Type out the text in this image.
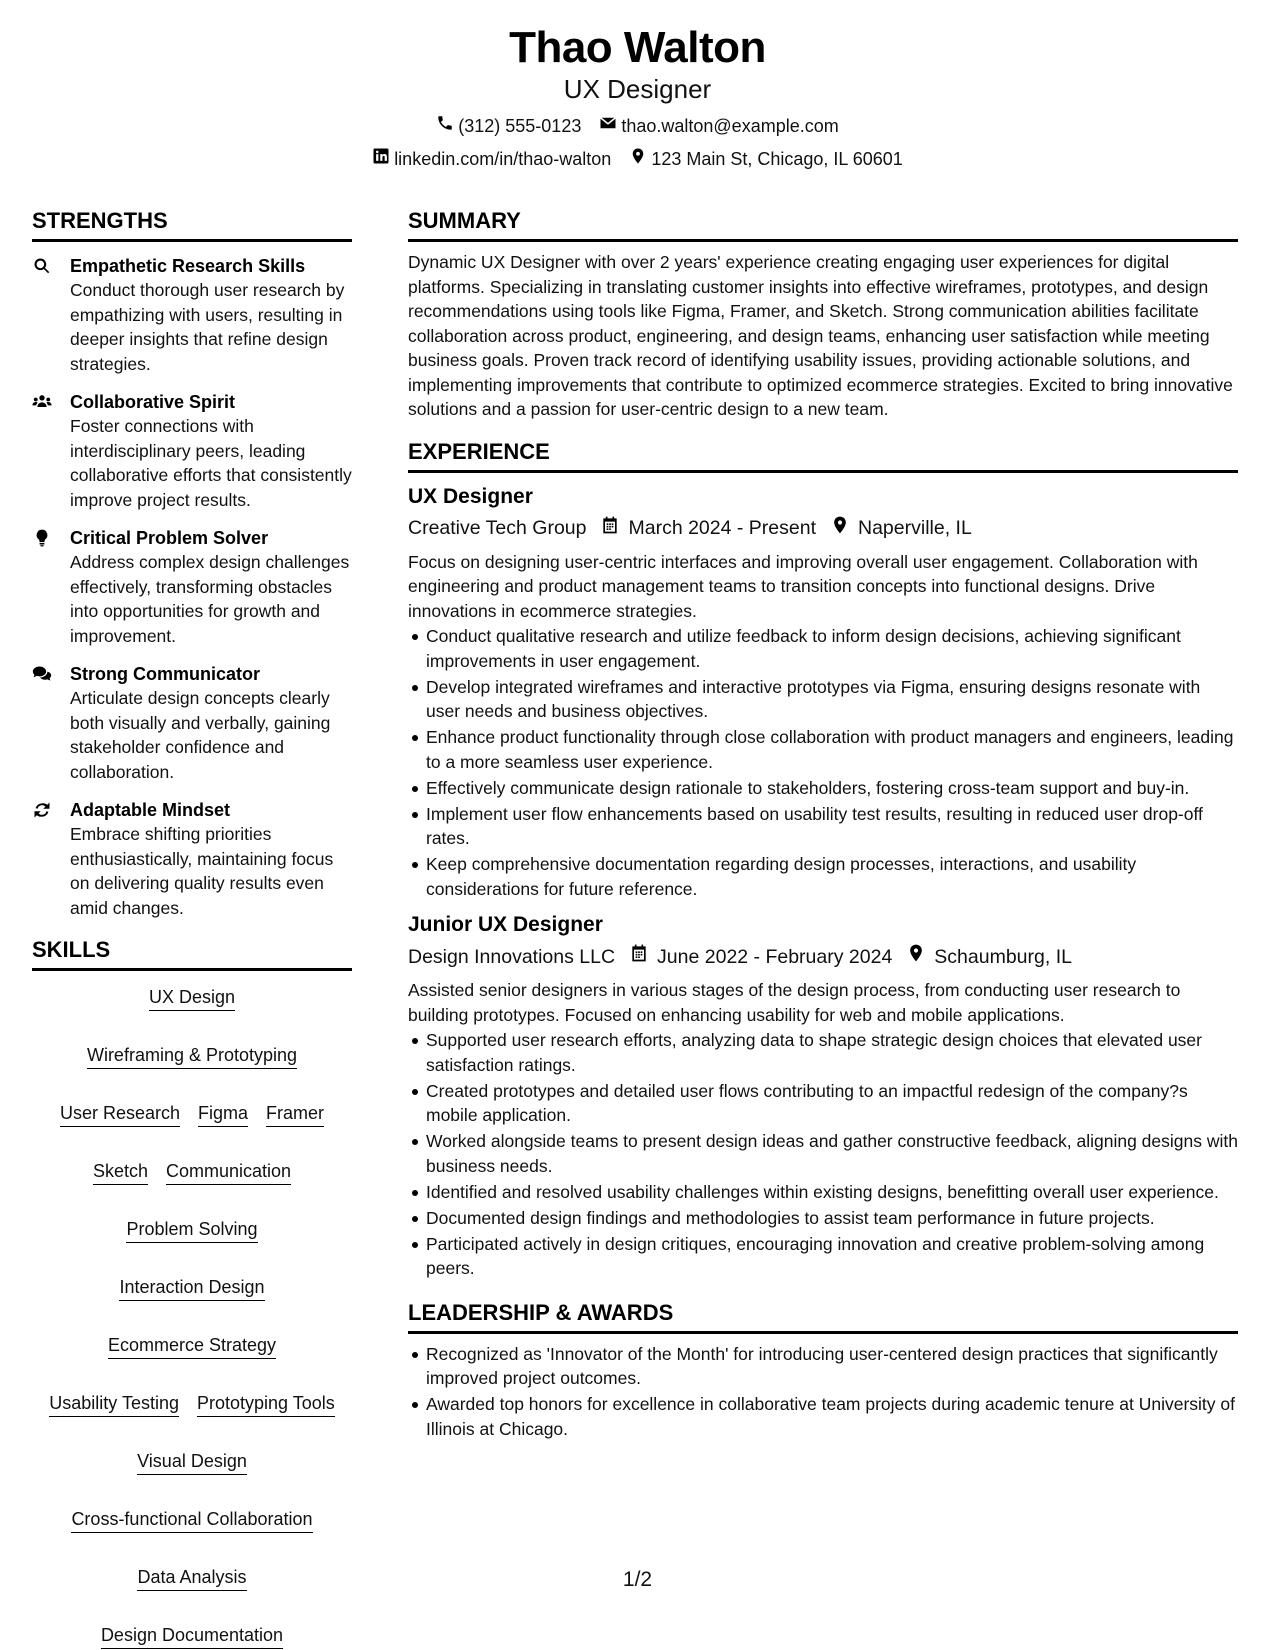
Thao Walton
UX Designer
(312) 555-0123 thao.walton@example.com
linkedin.com/in/thao-walton 123 Main St, Chicago, IL 60601
STRENGTHS
Empathetic Research Skills
Conduct thorough user research by empathizing with users, resulting in deeper insights that refine design strategies.
Collaborative Spirit
Foster connections with interdisciplinary peers, leading collaborative efforts that consistently improve project results.
Critical Problem Solver
Address complex design challenges effectively, transforming obstacles into opportunities for growth and improvement.
Strong Communicator
Articulate design concepts clearly both visually and verbally, gaining stakeholder confidence and collaboration.
Adaptable Mindset
Embrace shifting priorities enthusiastically, maintaining focus on delivering quality results even amid changes.
SKILLS
UX Design
Wireframing & Prototyping
User Research Figma Framer
Sketch Communication
Problem Solving
Interaction Design
Ecommerce Strategy
Usability Testing Prototyping Tools
Visual Design
Cross-functional Collaboration
Data Analysis
Design Documentation
SUMMARY
Dynamic UX Designer with over 2 years' experience creating engaging user experiences for digital platforms. Specializing in translating customer insights into effective wireframes, prototypes, and design recommendations using tools like Figma, Framer, and Sketch. Strong communication abilities facilitate collaboration across product, engineering, and design teams, enhancing user satisfaction while meeting business goals. Proven track record of identifying usability issues, providing actionable solutions, and implementing improvements that contribute to optimized ecommerce strategies. Excited to bring innovative solutions and a passion for user-centric design to a new team.
EXPERIENCE
UX Designer
Creative Tech Group March 2024 - Present Naperville, IL
Focus on designing user-centric interfaces and improving overall user engagement. Collaboration with engineering and product management teams to transition concepts into functional designs. Drive innovations in ecommerce strategies.
Conduct qualitative research and utilize feedback to inform design decisions, achieving significant improvements in user engagement.
Develop integrated wireframes and interactive prototypes via Figma, ensuring designs resonate with user needs and business objectives.
Enhance product functionality through close collaboration with product managers and engineers, leading to a more seamless user experience.
Effectively communicate design rationale to stakeholders, fostering cross-team support and buy-in.
Implement user flow enhancements based on usability test results, resulting in reduced user drop-off rates.
Keep comprehensive documentation regarding design processes, interactions, and usability considerations for future reference.
Junior UX Designer
Design Innovations LLC June 2022 - February 2024 Schaumburg, IL
Assisted senior designers in various stages of the design process, from conducting user research to building prototypes. Focused on enhancing usability for web and mobile applications.
Supported user research efforts, analyzing data to shape strategic design choices that elevated user satisfaction ratings.
Created prototypes and detailed user flows contributing to an impactful redesign of the company?s mobile application.
Worked alongside teams to present design ideas and gather constructive feedback, aligning designs with business needs.
Identified and resolved usability challenges within existing designs, benefitting overall user experience.
Documented design findings and methodologies to assist team performance in future projects.
Participated actively in design critiques, encouraging innovation and creative problem-solving among peers.
LEADERSHIP & AWARDS
Recognized as 'Innovator of the Month' for introducing user-centered design practices that significantly improved project outcomes.
Awarded top honors for excellence in collaborative team projects during academic tenure at University of Illinois at Chicago.
1/2
